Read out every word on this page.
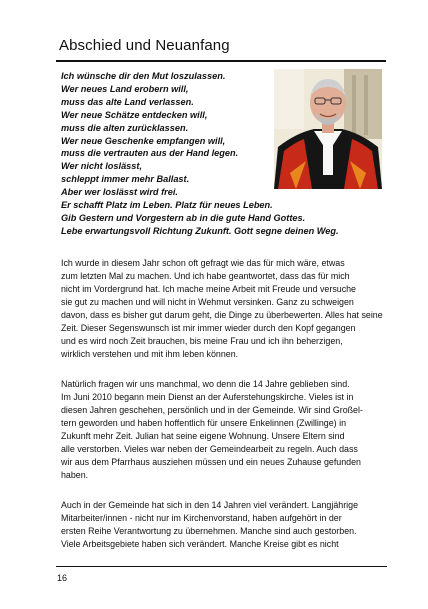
Abschied und Neuanfang
Ich wünsche dir den Mut loszulassen.
Wer neues Land erobern will,
muss das alte Land verlassen.
Wer neue Schätze entdecken will,
muss die alten zurücklassen.
Wer neue Geschenke empfangen will,
muss die vertrauten aus der Hand legen.
Wer nicht loslässt,
schleppt immer mehr Ballast.
Aber wer loslässt wird frei.
Er schafft Platz im Leben. Platz für neues Leben.
Gib Gestern und Vorgestern ab in die gute Hand Gottes.
Lebe erwartungsvoll Richtung Zukunft. Gott segne deinen Weg.
Ich wurde in diesem Jahr schon oft gefragt wie das für mich wäre, etwas
zum letzten Mal zu machen. Und ich habe geantwortet, dass das für mich
nicht im Vordergrund hat. Ich mache meine Arbeit mit Freude und versuche
sie gut zu machen und will nicht in Wehmut versinken. Ganz zu schweigen
davon, dass es bisher gut darum geht, die Dinge zu überbewerten. Alles hat seine
Zeit. Dieser Segenswunsch ist mir immer wieder durch den Kopf gegangen
und es wird noch Zeit brauchen, bis meine Frau und ich ihn beherzigen,
wirklich verstehen und mit ihm leben können.
Natürlich fragen wir uns manchmal, wo denn die 14 Jahre geblieben sind.
Im Juni 2010 begann mein Dienst an der Auferstehungskirche. Vieles ist in
diesen Jahren geschehen, persönlich und in der Gemeinde. Wir sind Großel-
tern geworden und haben hoffentlich für unsere Enkelinnen (Zwillinge) in
Zukunft mehr Zeit. Julian hat seine eigene Wohnung. Unsere Eltern sind
alle verstorben. Vieles war neben der Gemeindearbeit zu regeln. Auch dass
wir aus dem Pfarrhaus ausziehen müssen und ein neues Zuhause gefunden
haben.
Auch in der Gemeinde hat sich in den 14 Jahren viel verändert. Langjährige
Mitarbeiter/innen - nicht nur im Kirchenvorstand, haben aufgehört in der
ersten Reihe Verantwortung zu übernehmen. Manche sind auch gestorben.
Viele Arbeitsgebiete haben sich verändert. Manche Kreise gibt es nicht
16
